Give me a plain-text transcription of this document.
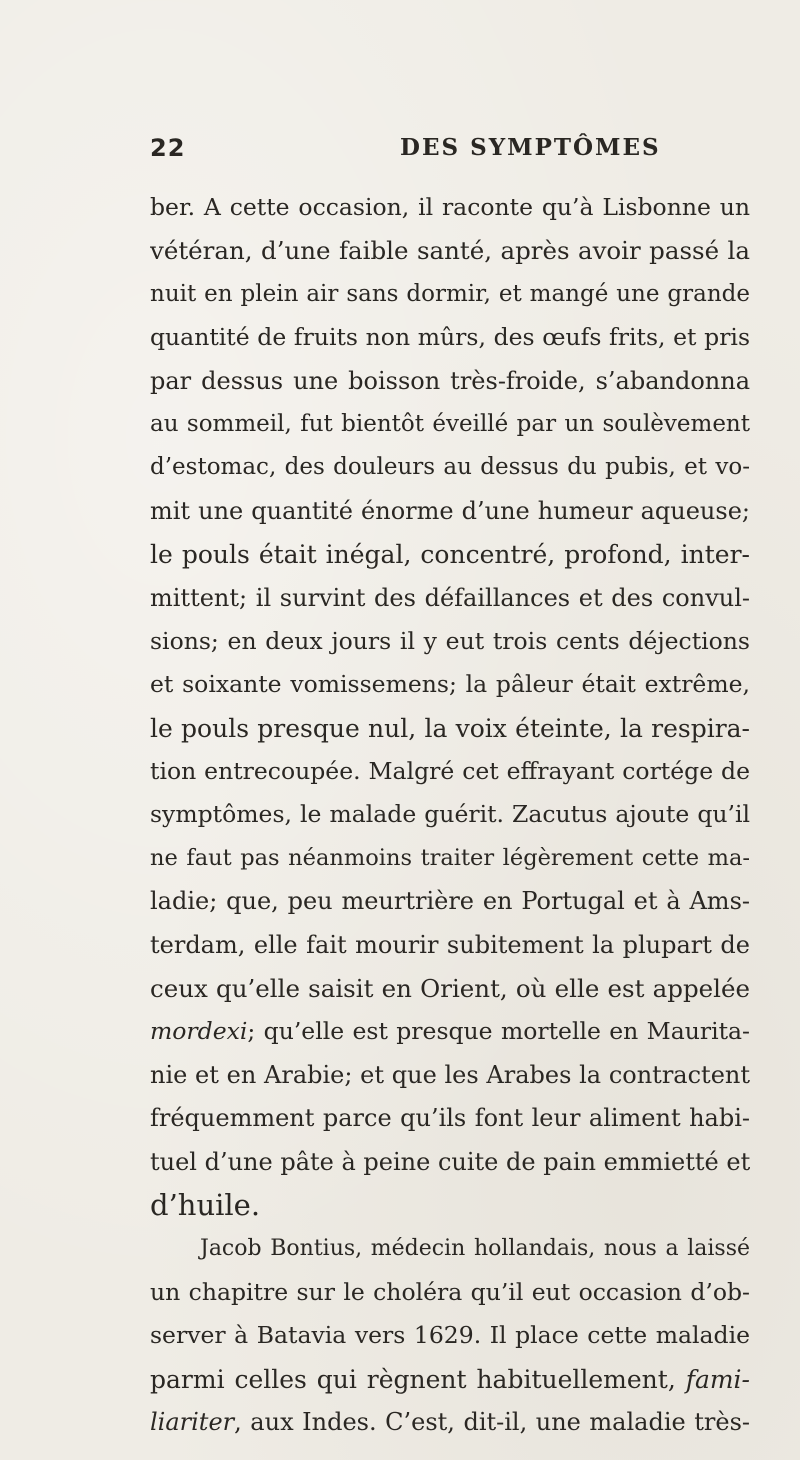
22	DES SYMPTÔMES
ber. A cette occasion, il raconte qu’à Lisbonne un
vétéran, d’une faible santé, après avoir passé la
nuit en plein air sans dormir, et mangé une grande
quantité de fruits non mûrs, des œufs frits, et pris
par dessus une boisson très-froide, s’abandonna
au sommeil, fut bientôt éveillé par un soulèvement
d’estomac, des douleurs au dessus du pubis, et vo-
mit une quantité énorme d’une humeur aqueuse;
le pouls était inégal, concentré, profond, inter-
mittent; il survint des défaillances et des convul-
sions; en deux jours il y eut trois cents déjections
et soixante vomissemens; la pâleur était extrême,
le pouls presque nul, la voix éteinte, la respira-
tion entrecoupée. Malgré cet effrayant cortége de
symptômes, le malade guérit. Zacutus ajoute qu’il
ne faut pas néanmoins traiter légèrement cette ma-
ladie; que, peu meurtrière en Portugal et à Ams-
terdam, elle fait mourir subitement la plupart de
ceux qu’elle saisit en Orient, où elle est appelée
mordexi; qu’elle est presque mortelle en Maurita-
nie et en Arabie; et que les Arabes la contractent
fréquemment parce qu’ils font leur aliment habi-
tuel d’une pâte à peine cuite de pain emmietté et
d’huile.
Jacob Bontius, médecin hollandais, nous a laissé
un chapitre sur le choléra qu’il eut occasion d’ob-
server à Batavia vers 1629. Il place cette maladie
parmi celles qui règnent habituellement, fami-
liariter, aux Indes. C’est, dit-il, une maladie très-
